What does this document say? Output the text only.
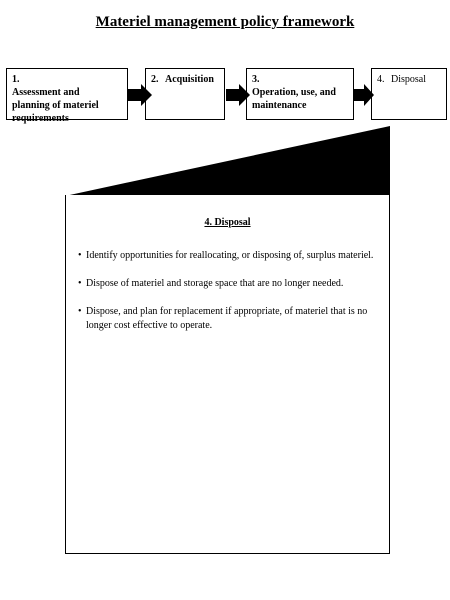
Materiel management policy framework
1.Assessment and planning of materiel requirements
2. Acquisition	3.Operation, use, and maintenance
4. Disposal
4. Disposal
• Identify opportunities for reallocating, or disposing of, surplus materiel.
• Dispose of materiel and storage space that are no longer needed.
• Dispose, and plan for replacement if appropriate, of materiel that is no longer cost effective to operate.
